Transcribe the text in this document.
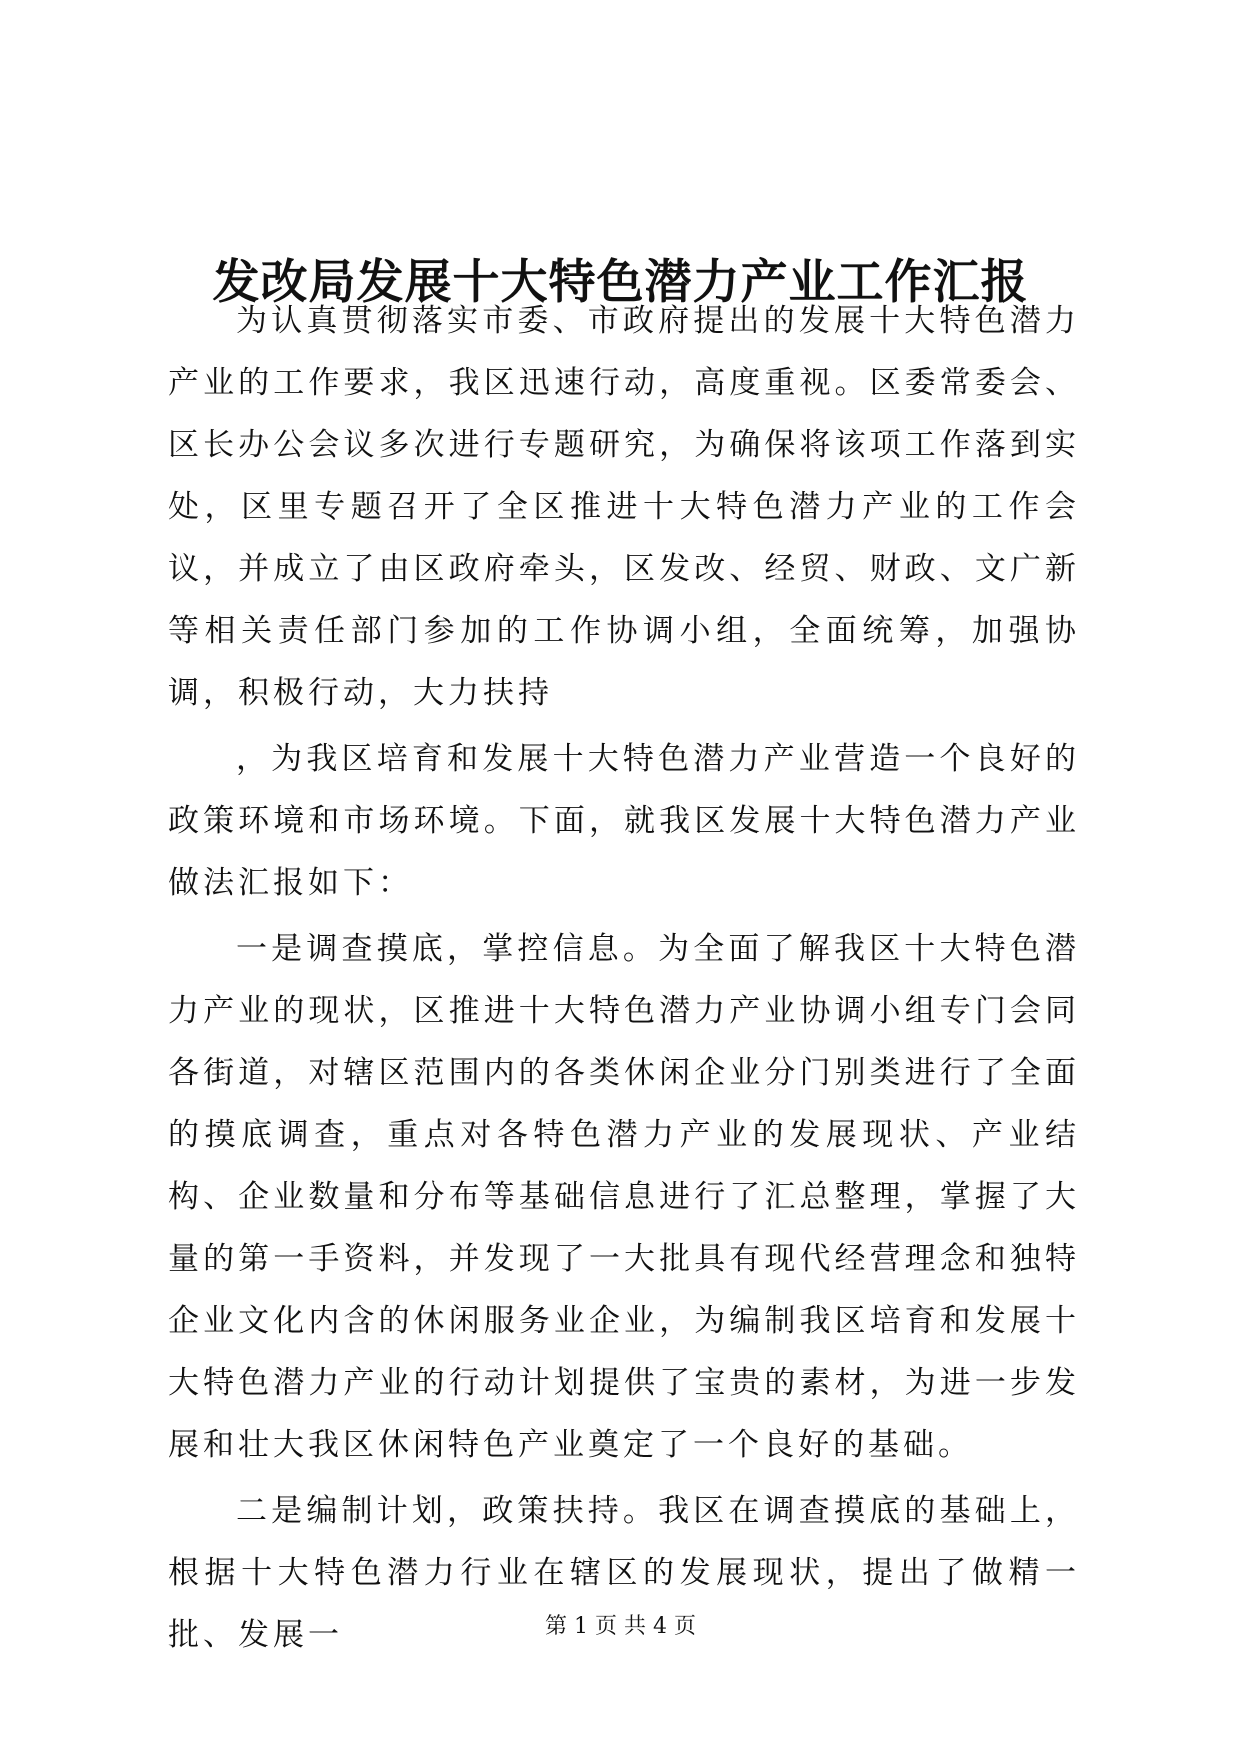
发改局发展十大特色潜力产业工作汇报

为认真贯彻落实市委、市政府提出的发展十大特色潜力产业的工作要求，我区迅速行动，高度重视。区委常委会、区长办公会议多次进行专题研究，为确保将该项工作落到实处，区里专题召开了全区推进十大特色潜力产业的工作会议，并成立了由区政府牵头，区发改、经贸、财政、文广新等相关责任部门参加的工作协调小组，全面统筹，加强协调，积极行动，大力扶持

，为我区培育和发展十大特色潜力产业营造一个良好的政策环境和市场环境。下面，就我区发展十大特色潜力产业做法汇报如下：

一是调查摸底，掌控信息。为全面了解我区十大特色潜力产业的现状，区推进十大特色潜力产业协调小组专门会同各街道，对辖区范围内的各类休闲企业分门别类进行了全面的摸底调查，重点对各特色潜力产业的发展现状、产业结构、企业数量和分布等基础信息进行了汇总整理，掌握了大量的第一手资料，并发现了一大批具有现代经营理念和独特企业文化内含的休闲服务业企业，为编制我区培育和发展十大特色潜力产业的行动计划提供了宝贵的素材，为进一步发展和壮大我区休闲特色产业奠定了一个良好的基础。

二是编制计划，政策扶持。我区在调查摸底的基础上，根据十大特色潜力行业在辖区的发展现状，提出了做精一批、发展一	第 1 页 共 4 页
